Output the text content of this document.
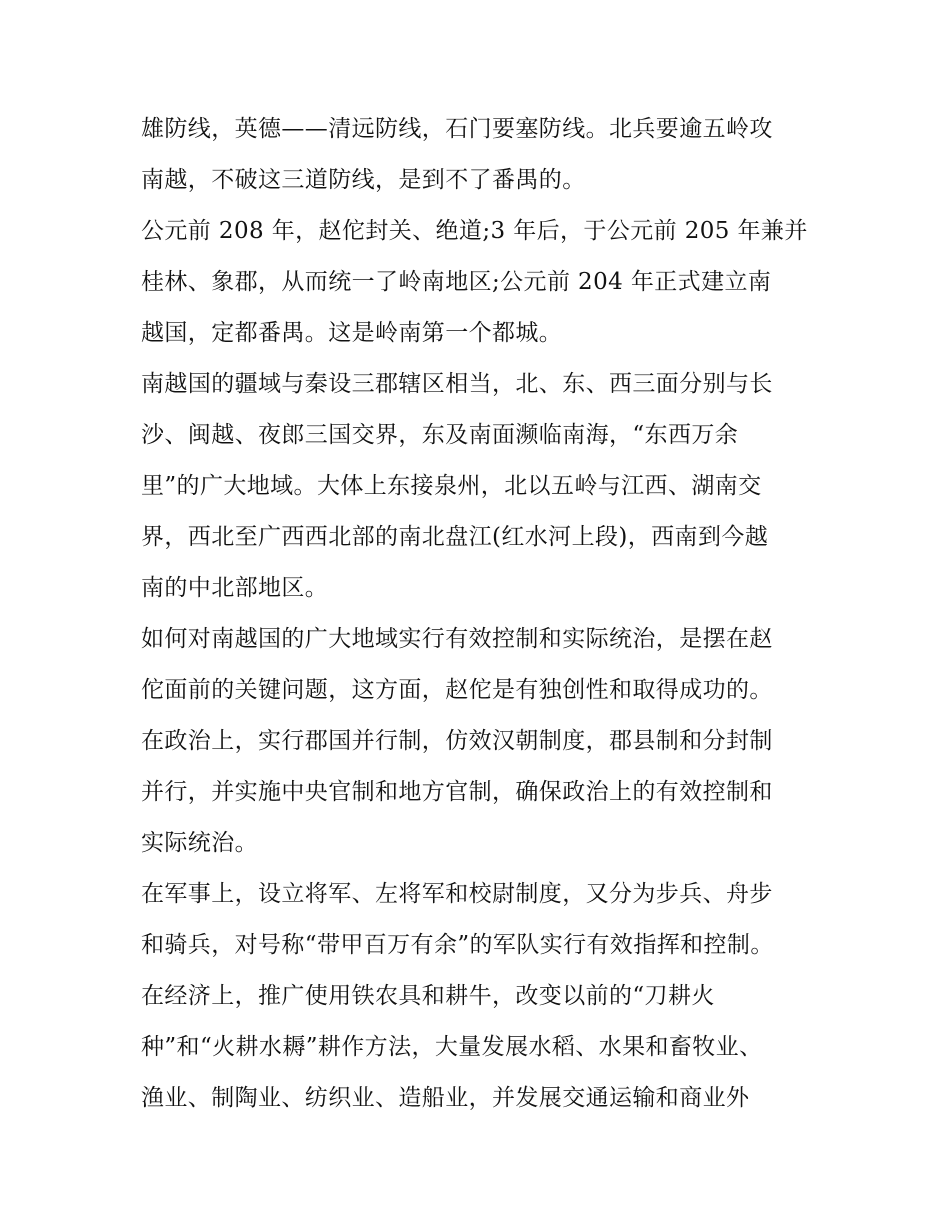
雄防线，英德——清远防线，石门要塞防线。北兵要逾五岭攻
南越，不破这三道防线，是到不了番禺的。
公元前 208 年，赵佗封关、绝道;3 年后，于公元前 205 年兼并
桂林、象郡，从而统一了岭南地区;公元前 204 年正式建立南
越国，定都番禺。这是岭南第一个都城。
南越国的疆域与秦设三郡辖区相当，北、东、西三面分别与长
沙、闽越、夜郎三国交界，东及南面濒临南海，“东西万余
里”的广大地域。大体上东接泉州，北以五岭与江西、湖南交
界，西北至广西西北部的南北盘江(红水河上段)，西南到今越
南的中北部地区。
如何对南越国的广大地域实行有效控制和实际统治，是摆在赵
佗面前的关键问题，这方面，赵佗是有独创性和取得成功的。
在政治上，实行郡国并行制，仿效汉朝制度，郡县制和分封制
并行，并实施中央官制和地方官制，确保政治上的有效控制和
实际统治。
在军事上，设立将军、左将军和校尉制度，又分为步兵、舟步
和骑兵，对号称“带甲百万有余”的军队实行有效指挥和控制。
在经济上，推广使用铁农具和耕牛，改变以前的“刀耕火
种”和“火耕水耨”耕作方法，大量发展水稻、水果和畜牧业、
渔业、制陶业、纺织业、造船业，并发展交通运输和商业外
